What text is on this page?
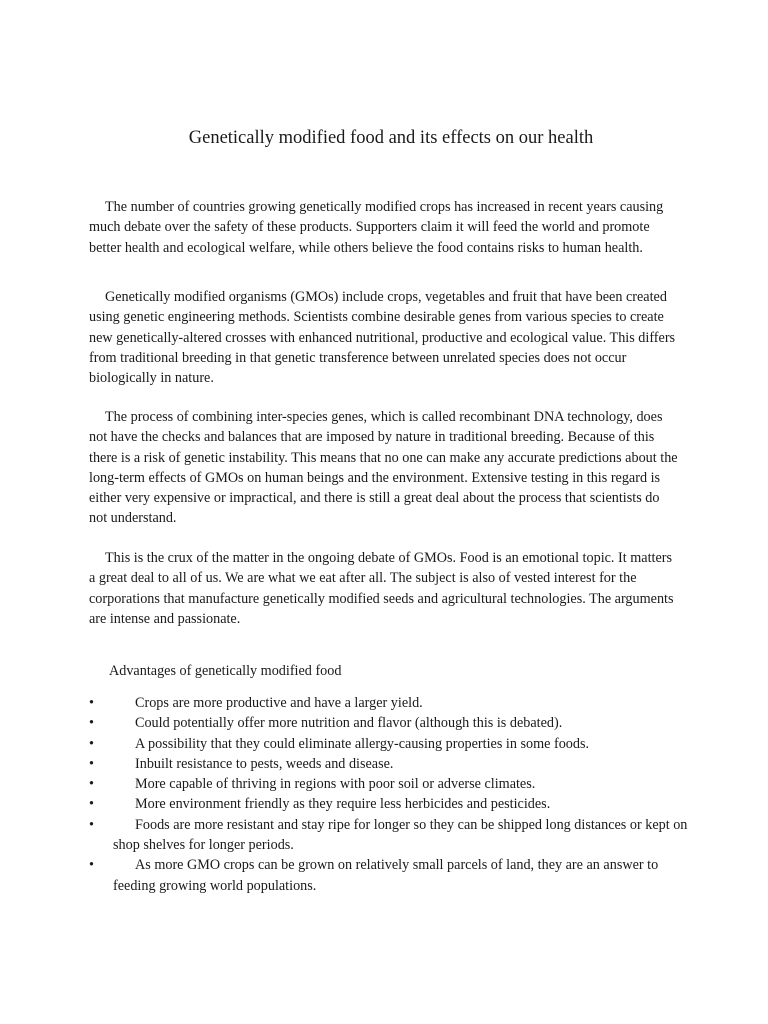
Genetically modified food and its effects on our health

The number of countries growing genetically modified crops has increased in recent years causing much debate over the safety of these products. Supporters claim it will feed the world and promote better health and ecological welfare, while others believe the food contains risks to human health.

Genetically modified organisms (GMOs) include crops, vegetables and fruit that have been created using genetic engineering methods. Scientists combine desirable genes from various species to create new genetically-altered crosses with enhanced nutritional, productive and ecological value. This differs from traditional breeding in that genetic transference between unrelated species does not occur biologically in nature.

The process of combining inter-species genes, which is called recombinant DNA technology, does not have the checks and balances that are imposed by nature in traditional breeding. Because of this there is a risk of genetic instability. This means that no one can make any accurate predictions about the long-term effects of GMOs on human beings and the environment. Extensive testing in this regard is either very expensive or impractical, and there is still a great deal about the process that scientists do not understand.

This is the crux of the matter in the ongoing debate of GMOs. Food is an emotional topic. It matters a great deal to all of us. We are what we eat after all. The subject is also of vested interest for the corporations that manufacture genetically modified seeds and agricultural technologies. The arguments are intense and passionate.

Advantages of genetically modified food
•	Crops are more productive and have a larger yield.
•	Could potentially offer more nutrition and flavor (although this is debated).
•	A possibility that they could eliminate allergy-causing properties in some foods.
•	Inbuilt resistance to pests, weeds and disease.
•	More capable of thriving in regions with poor soil or adverse climates.
•	More environment friendly as they require less herbicides and pesticides.
•	Foods are more resistant and stay ripe for longer so they can be shipped long distances or kept on shop shelves for longer periods.
•	As more GMO crops can be grown on relatively small parcels of land, they are an answer to feeding growing world populations.
